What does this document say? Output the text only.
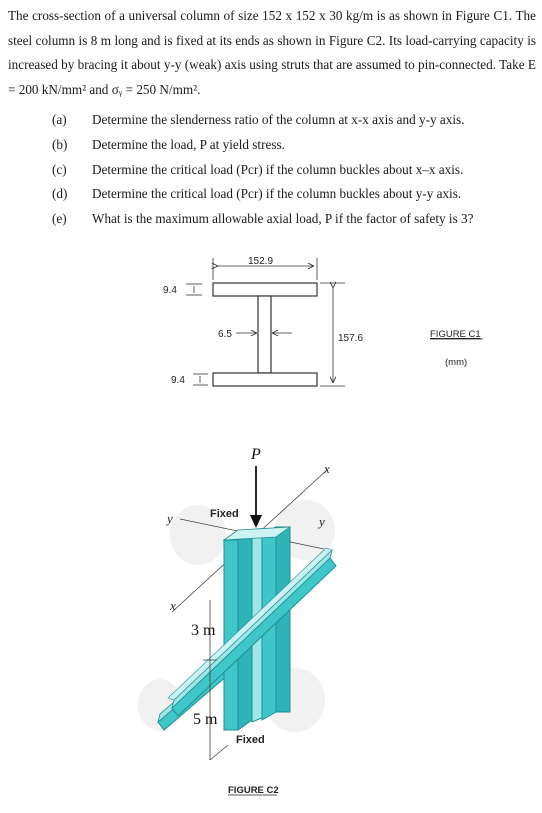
The cross-section of a universal column of size 152 x 152 x 30 kg/m is as shown in Figure C1. The steel column is 8 m long and is fixed at its ends as shown in Figure C2. Its load-carrying capacity is increased by bracing it about y-y (weak) axis using struts that are assumed to pin-connected. Take E = 200 kN/mm² and σᵧ = 250 N/mm².
(a) Determine the slenderness ratio of the column at x-x axis and y-y axis.
(b) Determine the load, P at yield stress.
(c) Determine the critical load (Pcr) if the column buckles about x–x axis.
(d) Determine the critical load (Pcr) if the column buckles about y-y axis.
(e) What is the maximum allowable axial load, P if the factor of safety is 3?
152.9
9.4
9.4
6.5	157.6	FIGURE C1
(mm)
P
x
x
y	y
Fixed
Fixed
3 m
5 m
FIGURE C2
